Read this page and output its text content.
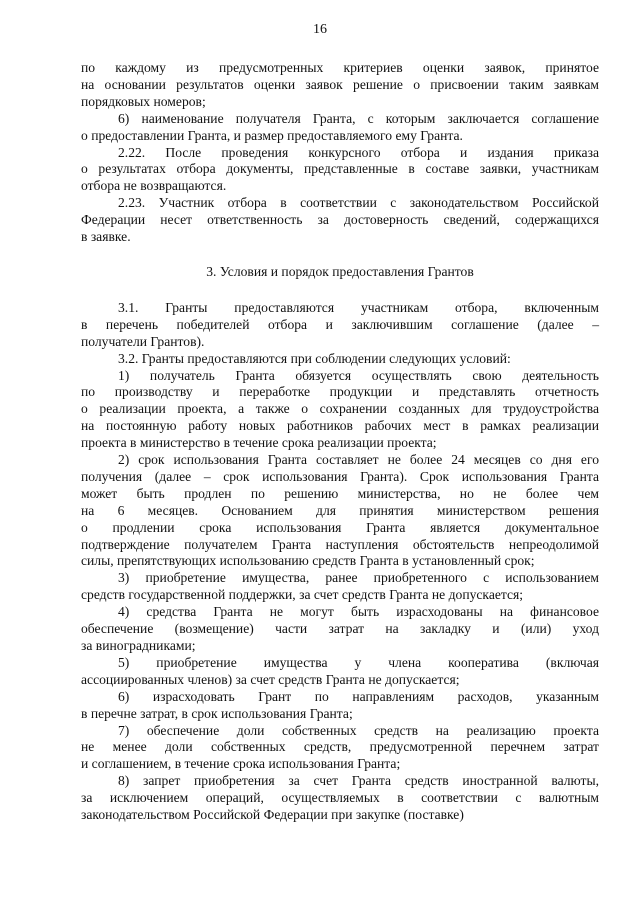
16
по каждому из предусмотренных критериев оценки заявок, принятое
на основании результатов оценки заявок решение о присвоении таким заявкам
порядковых номеров;
6) наименование получателя Гранта, с которым заключается соглашение
о предоставлении Гранта, и размер предоставляемого ему Гранта.
2.22. После проведения конкурсного отбора и издания приказа
о результатах отбора документы, представленные в составе заявки, участникам
отбора не возвращаются.
2.23. Участник отбора в соответствии с законодательством Российской
Федерации несет ответственность за достоверность сведений, содержащихся
в заявке.
3. Условия и порядок предоставления Грантов
3.1. Гранты предоставляются участникам отбора, включенным
в перечень победителей отбора и заключившим соглашение (далее –
получатели Грантов).
3.2. Гранты предоставляются при соблюдении следующих условий:
1) получатель Гранта обязуется осуществлять свою деятельность
по производству и переработке продукции и представлять отчетность
о реализации проекта, а также о сохранении созданных для трудоустройства
на постоянную работу новых работников рабочих мест в рамках реализации
проекта в министерство в течение срока реализации проекта;
2) срок использования Гранта составляет не более 24 месяцев со дня его
получения (далее – срок использования Гранта). Срок использования Гранта
может быть продлен по решению министерства, но не более чем
на 6 месяцев. Основанием для принятия министерством решения
о продлении срока использования Гранта является документальное
подтверждение получателем Гранта наступления обстоятельств непреодолимой
силы, препятствующих использованию средств Гранта в установленный срок;
3) приобретение имущества, ранее приобретенного с использованием
средств государственной поддержки, за счет средств Гранта не допускается;
4) средства Гранта не могут быть израсходованы на финансовое
обеспечение (возмещение) части затрат на закладку и (или) уход
за виноградниками;
5) приобретение имущества у члена кооператива (включая
ассоциированных членов) за счет средств Гранта не допускается;
6) израсходовать Грант по направлениям расходов, указанным
в перечне затрат, в срок использования Гранта;
7) обеспечение доли собственных средств на реализацию проекта
не менее доли собственных средств, предусмотренной перечнем затрат
и соглашением, в течение срока использования Гранта;
8) запрет приобретения за счет Гранта средств иностранной валюты,
за исключением операций, осуществляемых в соответствии с валютным
законодательством Российской Федерации при закупке (поставке)
